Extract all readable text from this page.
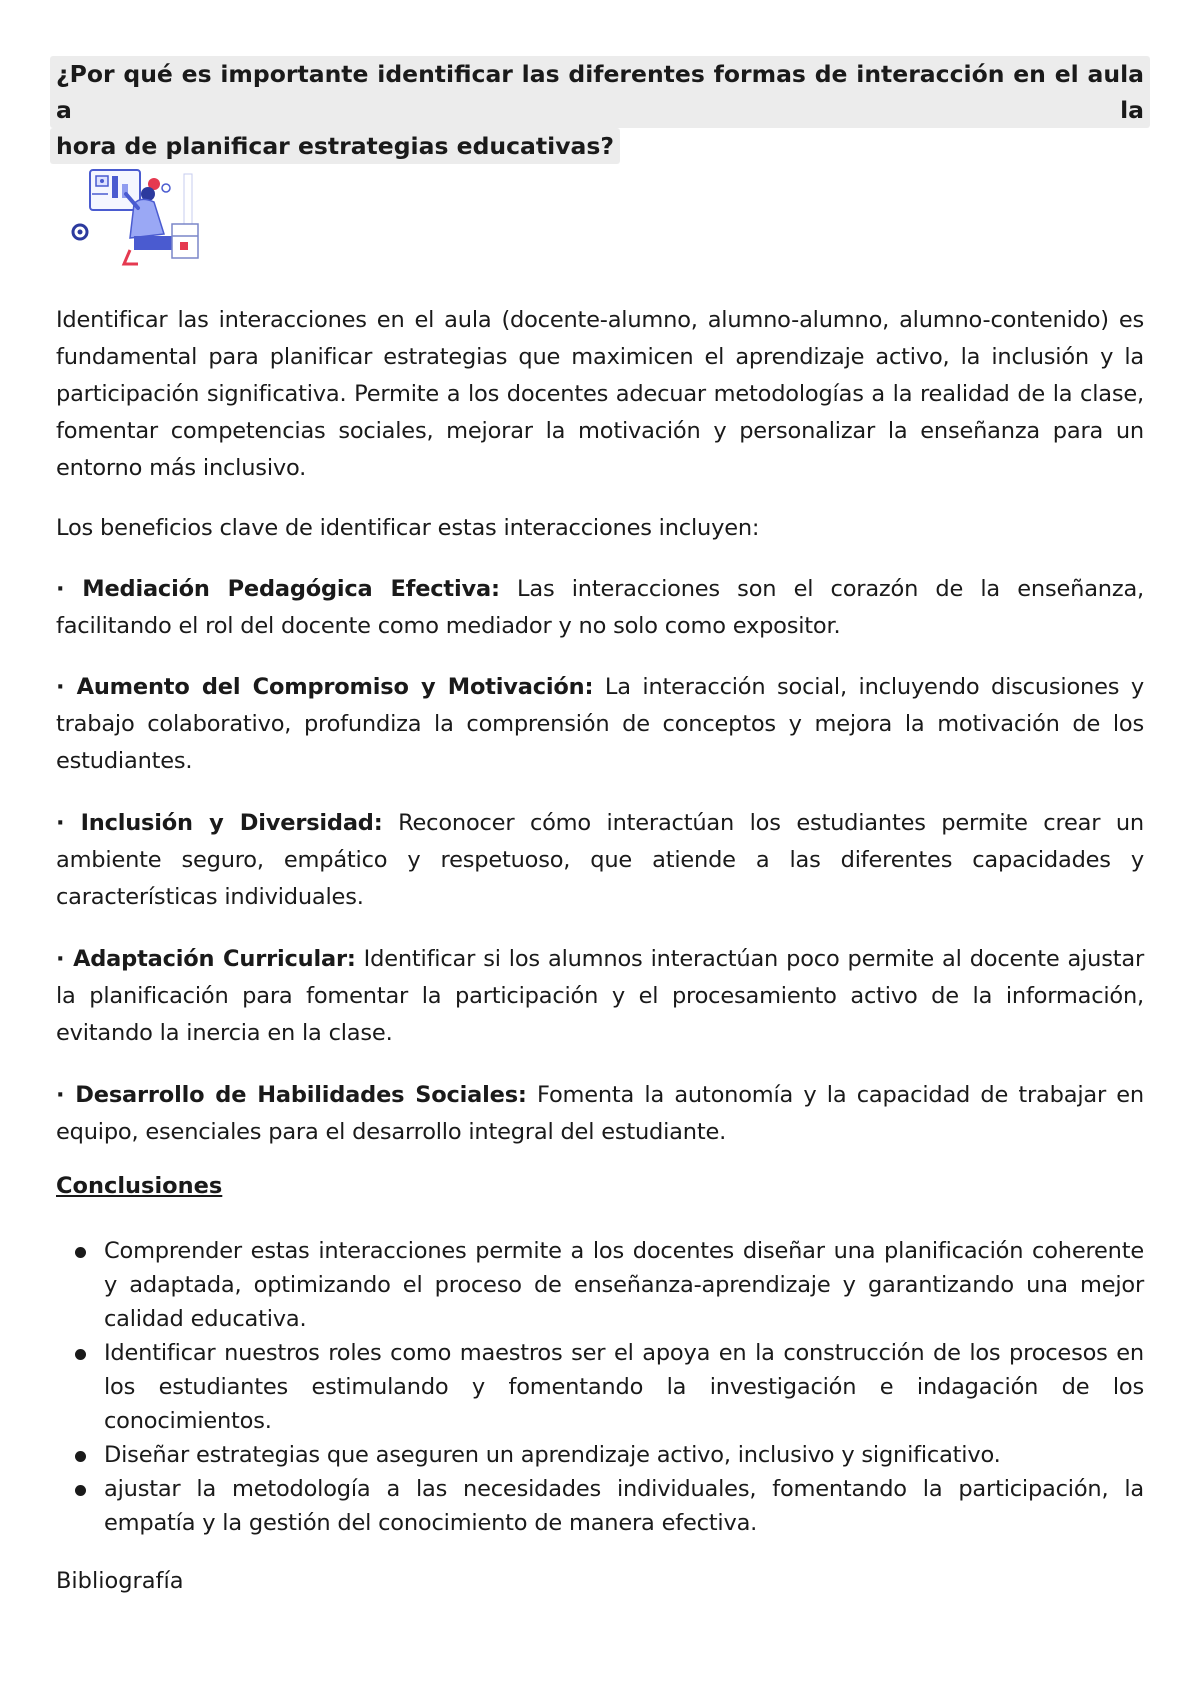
¿Por qué es importante identificar las diferentes formas de interacción en el aula a la
hora de planificar estrategias educativas?

Identificar las interacciones en el aula (docente-alumno, alumno-alumno, alumno-contenido) es fundamental para planificar estrategias que maximicen el aprendizaje activo, la inclusión y la participación significativa. Permite a los docentes adecuar metodologías a la realidad de la clase, fomentar competencias sociales, mejorar la motivación y personalizar la enseñanza para un entorno más inclusivo.

Los beneficios clave de identificar estas interacciones incluyen:

· Mediación Pedagógica Efectiva: Las interacciones son el corazón de la enseñanza, facilitando el rol del docente como mediador y no solo como expositor.

· Aumento del Compromiso y Motivación: La interacción social, incluyendo discusiones y trabajo colaborativo, profundiza la comprensión de conceptos y mejora la motivación de los estudiantes.

· Inclusión y Diversidad: Reconocer cómo interactúan los estudiantes permite crear un ambiente seguro, empático y respetuoso, que atiende a las diferentes capacidades y características individuales.

· Adaptación Curricular: Identificar si los alumnos interactúan poco permite al docente ajustar la planificación para fomentar la participación y el procesamiento activo de la información, evitando la inercia en la clase.

· Desarrollo de Habilidades Sociales: Fomenta la autonomía y la capacidad de trabajar en equipo, esenciales para el desarrollo integral del estudiante.

Conclusiones
Comprender estas interacciones permite a los docentes diseñar una planificación coherente y adaptada, optimizando el proceso de enseñanza-aprendizaje y garantizando una mejor calidad educativa.
Identificar nuestros roles como maestros ser el apoya en la construcción de los procesos en los estudiantes estimulando y fomentando la investigación e indagación de los conocimientos.
Diseñar estrategias que aseguren un aprendizaje activo, inclusivo y significativo.
ajustar la metodología a las necesidades individuales, fomentando la participación, la empatía y la gestión del conocimiento de manera efectiva.
Bibliografía
